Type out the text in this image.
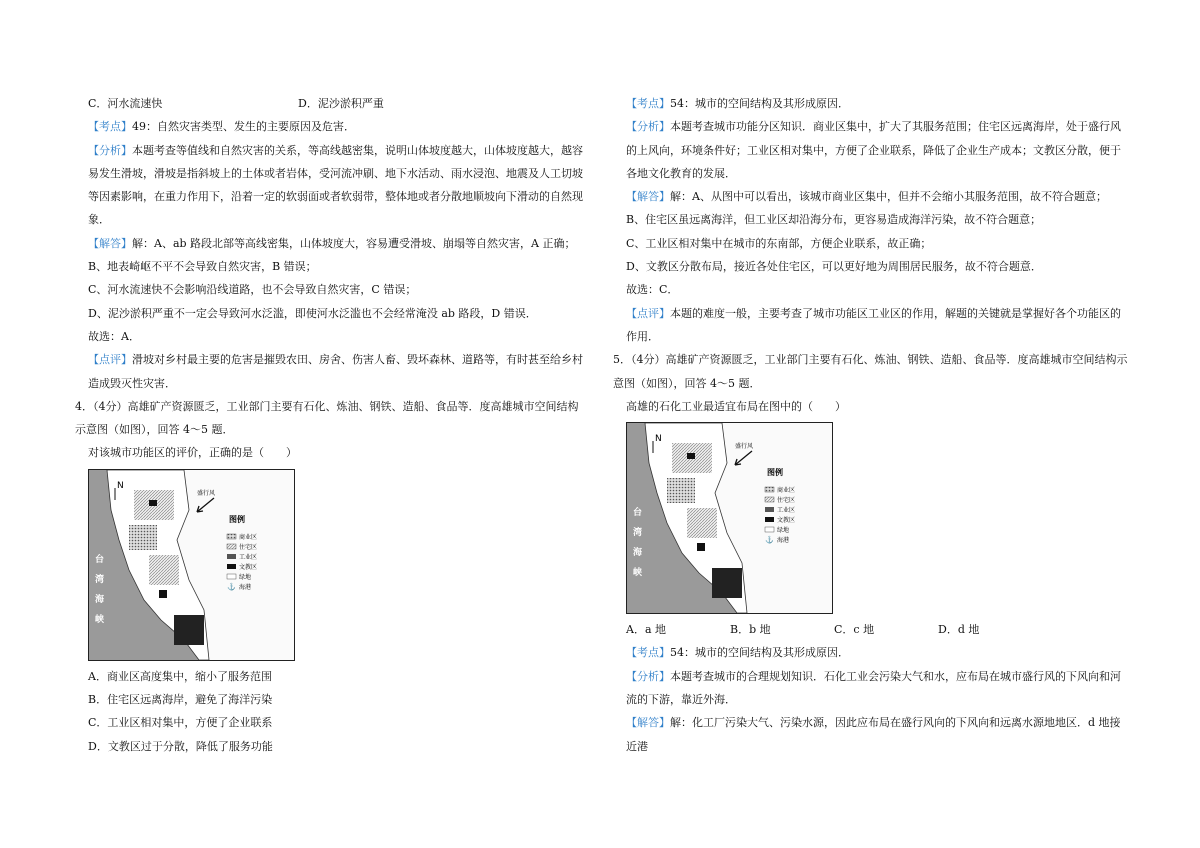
C．河水流速快	D．泥沙淤积严重
【考点】49：自然灾害类型、发生的主要原因及危害．
【分析】本题考查等值线和自然灾害的关系，等高线越密集，说明山体坡度越大，山体坡度越大，越容易发生滑坡，滑坡是指斜坡上的土体或者岩体，受河流冲刷、地下水活动、雨水浸泡、地震及人工切坡等因素影响，在重力作用下，沿着一定的软弱面或者软弱带，整体地或者分散地顺坡向下滑动的自然现象．
【解答】解：A、ab 路段北部等高线密集，山体坡度大，容易遭受滑坡、崩塌等自然灾害，A 正确；
B、地表崎岖不平不会导致自然灾害，B 错误；
C、河水流速快不会影响沿线道路，也不会导致自然灾害，C 错误；
D、泥沙淤积严重不一定会导致河水泛滥，即使河水泛滥也不会经常淹没 ab 路段，D 错误．
故选：A．
【点评】滑坡对乡村最主要的危害是摧毁农田、房舍、伤害人畜、毁坏森林、道路等，有时甚至给乡村造成毁灭性灾害．
4．（4分）高雄矿产资源匮乏，工业部门主要有石化、炼油、钢铁、造船、食品等．度高雄城市空间结构示意图（如图），回答 4～5 题．
对该城市功能区的评价，正确的是（　　）
N
盛行风
图例
⚓
商业区
住宅区
工业区
文教区
绿地
海港
台
湾
海
峡
A．商业区高度集中，缩小了服务范围
B．住宅区远离海岸，避免了海洋污染
C．工业区相对集中，方便了企业联系
D．文教区过于分散，降低了服务功能
【考点】54：城市的空间结构及其形成原因．
【分析】本题考查城市功能分区知识．商业区集中，扩大了其服务范围；住宅区远离海岸，处于盛行风的上风向，环境条件好；工业区相对集中，方便了企业联系，降低了企业生产成本；文教区分散，便于各地文化教育的发展．
【解答】解：A、从图中可以看出，该城市商业区集中，但并不会缩小其服务范围，故不符合题意；
B、住宅区虽远离海洋，但工业区却沿海分布，更容易造成海洋污染，故不符合题意；
C、工业区相对集中在城市的东南部，方便企业联系，故正确；
D、文教区分散布局，接近各处住宅区，可以更好地为周围居民服务，故不符合题意．
故选：C．
【点评】本题的难度一般，主要考查了城市功能区工业区的作用，解题的关键就是掌握好各个功能区的作用．
5．（4分）高雄矿产资源匮乏，工业部门主要有石化、炼油、钢铁、造船、食品等．度高雄城市空间结构示意图（如图），回答 4～5 题．
高雄的石化工业最适宜布局在图中的（　　）
N
盛行风
图例
⚓
商业区
住宅区
工业区
文教区
绿地
海港
台
湾
海
峡
A．a 地	B．b 地	C．c 地	D．d 地
【考点】54：城市的空间结构及其形成原因．
【分析】本题考查城市的合理规划知识．石化工业会污染大气和水，应布局在城市盛行风的下风向和河流的下游，靠近外海．
【解答】解：化工厂污染大气、污染水源，因此应布局在盛行风向的下风向和远离水源地地区．d 地接近港
